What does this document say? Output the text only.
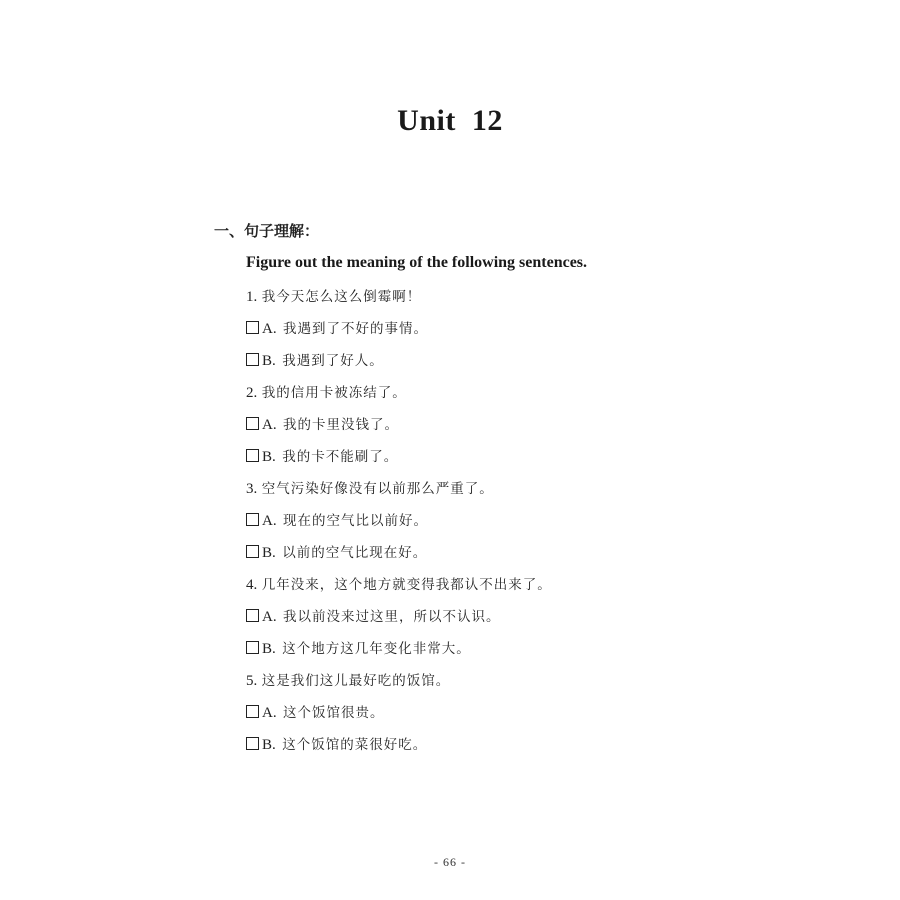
Unit 12
一、句子理解：
Figure out the meaning of the following sentences.
1. 我今天怎么这么倒霉啊！
A. 我遇到了不好的事情。
B. 我遇到了好人。
2. 我的信用卡被冻结了。
A. 我的卡里没钱了。
B. 我的卡不能刷了。
3. 空气污染好像没有以前那么严重了。
A. 现在的空气比以前好。
B. 以前的空气比现在好。
4. 几年没来，这个地方就变得我都认不出来了。
A. 我以前没来过这里，所以不认识。
B. 这个地方这几年变化非常大。
5. 这是我们这儿最好吃的饭馆。
A. 这个饭馆很贵。
B. 这个饭馆的菜很好吃。
- 66 -
